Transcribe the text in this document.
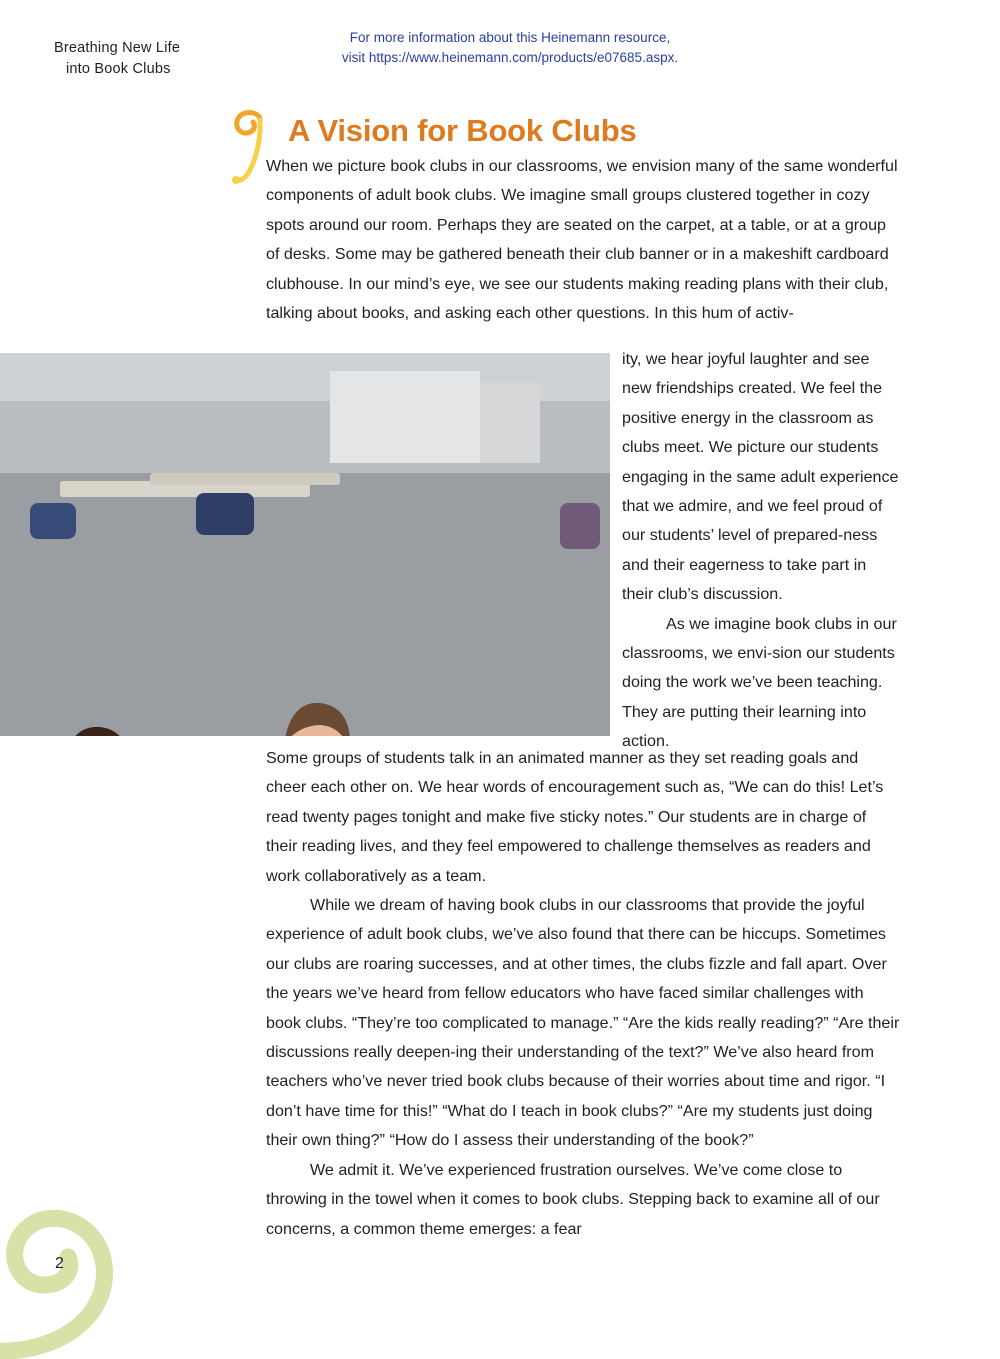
Breathing New Life
into Book Clubs
For more information about this Heinemann resource,
visit https://www.heinemann.com/products/e07685.aspx.
A Vision for Book Clubs

When we picture book clubs in our classrooms, we envision many of the same wonderful components of adult book clubs. We imagine small groups clustered together in cozy spots around our room. Perhaps they are seated on the carpet, at a table, or at a group of desks. Some may be gathered beneath their club banner or in a makeshift cardboard clubhouse. In our mind’s eye, we see our students making reading plans with their club, talking about books, and asking each other questions. In this hum of activ-

ity, we hear joyful laughter and see new friendships created. We feel the positive energy in the classroom as clubs meet. We picture our students engaging in the same adult experience that we admire, and we feel proud of our students’ level of prepared-ness and their eagerness to take part in their club’s discussion.

As we imagine book clubs in our classrooms, we envi-sion our students doing the work we’ve been teaching. They are putting their learning into action.

Some groups of students talk in an animated manner as they set reading goals and cheer each other on. We hear words of encouragement such as, “We can do this! Let’s read twenty pages tonight and make five sticky notes.” Our students are in charge of their reading lives, and they feel empowered to challenge themselves as readers and work collaboratively as a team.

While we dream of having book clubs in our classrooms that provide the joyful experience of adult book clubs, we’ve also found that there can be hiccups. Sometimes our clubs are roaring successes, and at other times, the clubs fizzle and fall apart. Over the years we’ve heard from fellow educators who have faced similar challenges with book clubs. “They’re too complicated to manage.” “Are the kids really reading?” “Are their discussions really deepen-ing their understanding of the text?” We’ve also heard from teachers who’ve never tried book clubs because of their worries about time and rigor. “I don’t have time for this!” “What do I teach in book clubs?” “Are my students just doing their own thing?” “How do I assess their understanding of the book?”

We admit it. We’ve experienced frustration ourselves. We’ve come close to throwing in the towel when it comes to book clubs. Stepping back to examine all of our concerns, a common theme emerges: a fear

2
